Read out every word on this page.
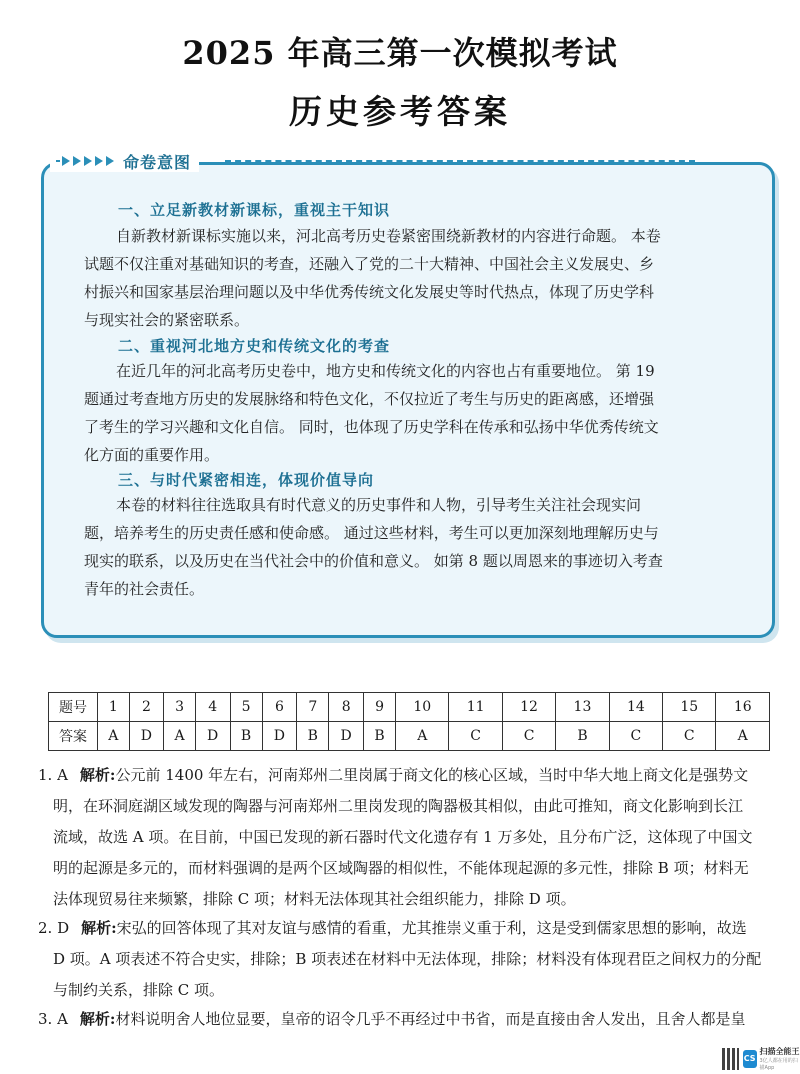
2025 年高三第一次模拟考试
历史参考答案
命卷意图
一、立足新教材新课标，重视主干知识
自新教材新课标实施以来，河北高考历史卷紧密围绕新教材的内容进行命题。 本卷
试题不仅注重对基础知识的考查，还融入了党的二十大精神、中国社会主义发展史、乡
村振兴和国家基层治理问题以及中华优秀传统文化发展史等时代热点，体现了历史学科
与现实社会的紧密联系。
二、重视河北地方史和传统文化的考查
在近几年的河北高考历史卷中，地方史和传统文化的内容也占有重要地位。 第 19
题通过考查地方历史的发展脉络和特色文化，不仅拉近了考生与历史的距离感，还增强
了考生的学习兴趣和文化自信。 同时，也体现了历史学科在传承和弘扬中华优秀传统文
化方面的重要作用。
三、与时代紧密相连，体现价值导向
本卷的材料往往选取具有时代意义的历史事件和人物，引导考生关注社会现实问
题，培养考生的历史责任感和使命感。 通过这些材料，考生可以更加深刻地理解历史与
现实的联系，以及历史在当代社会中的价值和意义。 如第 8 题以周恩来的事迹切入考查
青年的社会责任。
题号	1	2	3	4	5	6	7	8	9	10	11	12	13	14	15	16
答案	A	D	A	D	B	D	B	D	B	A	C	C	B	C	C	A
1. A 解析:公元前 1400 年左右，河南郑州二里岗属于商文化的核心区域，当时中华大地上商文化是强势文
明，在环洞庭湖区域发现的陶器与河南郑州二里岗发现的陶器极其相似，由此可推知，商文化影响到长江
流域，故选 A 项。在目前，中国已发现的新石器时代文化遗存有 1 万多处，且分布广泛，这体现了中国文
明的起源是多元的，而材料强调的是两个区域陶器的相似性，不能体现起源的多元性，排除 B 项；材料无
法体现贸易往来频繁，排除 C 项；材料无法体现其社会组织能力，排除 D 项。
2. D 解析:宋弘的回答体现了其对友谊与感情的看重，尤其推崇义重于利，这是受到儒家思想的影响，故选
D 项。A 项表述不符合史实，排除；B 项表述在材料中无法体现，排除；材料没有体现君臣之间权力的分配
与制约关系，排除 C 项。
3. A 解析:材料说明舍人地位显要，皇帝的诏令几乎不再经过中书省，而是直接由舍人发出，且舍人都是皇
CS
扫描全能王
3亿人都在用的扫描App
